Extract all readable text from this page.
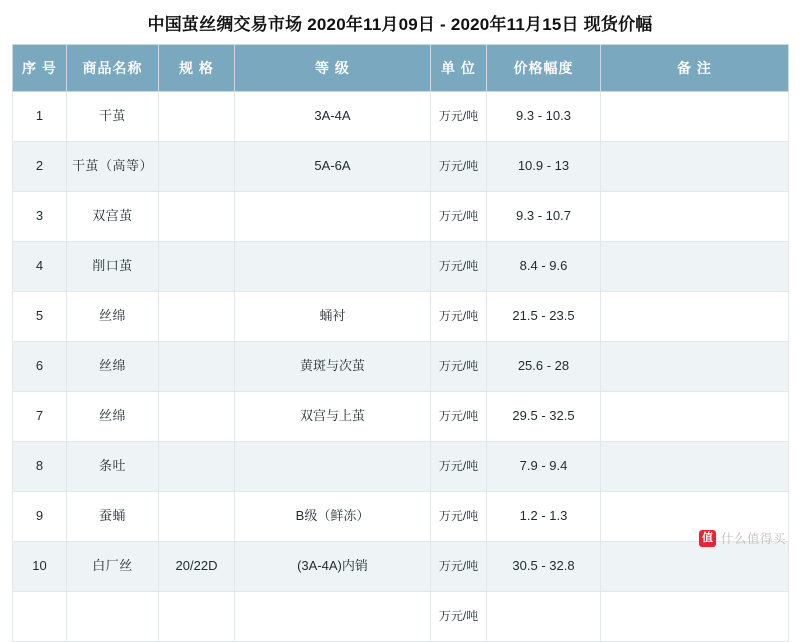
中国茧丝绸交易市场 2020年11月09日 - 2020年11月15日 现货价幅
序 号	商品名称	规 格	等 级	单 位	价格幅度	备 注
1	干茧		3A-4A	万元/吨	9.3 - 10.3	
2	干茧（高等）		5A-6A	万元/吨	10.9 - 13	
3	双宫茧			万元/吨	9.3 - 10.7	
4	削口茧			万元/吨	8.4 - 9.6	
5	丝绵		蛹衬	万元/吨	21.5 - 23.5	
6	丝绵		黄斑与次茧	万元/吨	25.6 - 28	
7	丝绵		双宫与上茧	万元/吨	29.5 - 32.5	
8	条吐			万元/吨	7.9 - 9.4	
9	蚕蛹		B级（鲜冻）	万元/吨	1.2 - 1.3	
10	白厂丝	20/22D	(3A-4A)内销	万元/吨	30.5 - 32.8	
				万元/吨		
值 什么值得买
